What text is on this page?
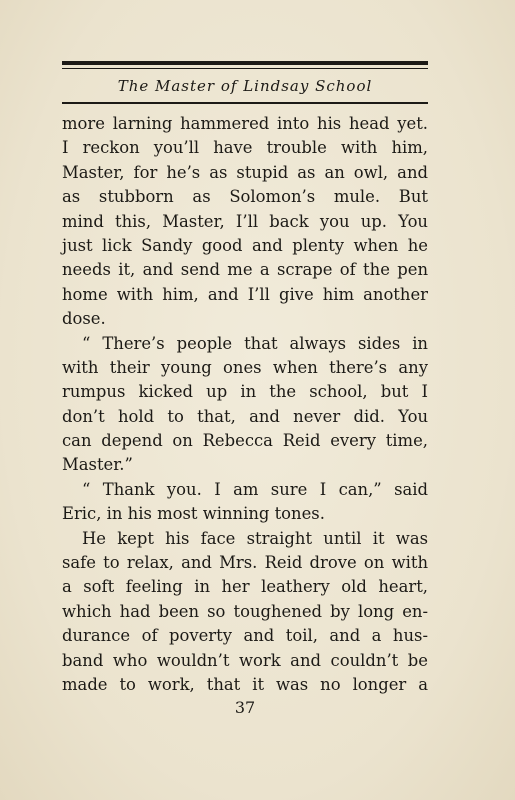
The Master of Lindsay School
more larning hammered into his head yet.
I reckon you’ll have trouble with him,
Master, for he’s as stupid as an owl, and
as stubborn as Solomon’s mule. But
mind this, Master, I’ll back you up. You
just lick Sandy good and plenty when he
needs it, and send me a scrape of the pen
home with him, and I’ll give him another
dose.
“ There’s people that always sides in
with their young ones when there’s any
rumpus kicked up in the school, but I
don’t hold to that, and never did. You
can depend on Rebecca Reid every time,
Master.”
“ Thank you. I am sure I can,” said
Eric, in his most winning tones.
He kept his face straight until it was
safe to relax, and Mrs. Reid drove on with
a soft feeling in her leathery old heart,
which had been so toughened by long en-
durance of poverty and toil, and a hus-
band who wouldn’t work and couldn’t be
made to work, that it was no longer a
37
